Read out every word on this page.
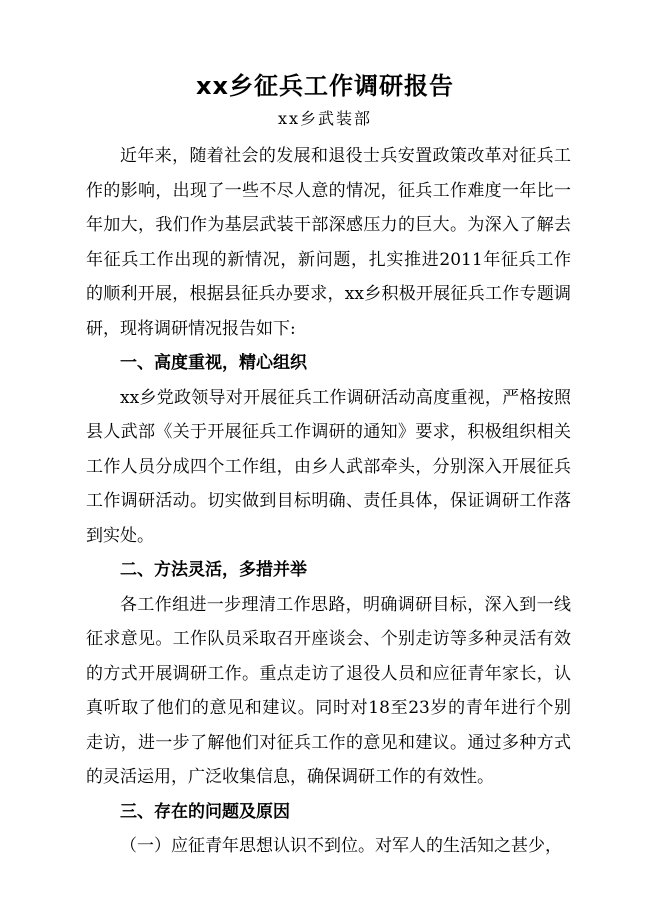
xx乡征兵工作调研报告
xx乡武装部

近年来，随着社会的发展和退役士兵安置政策改革对征兵工作的影响，出现了一些不尽人意的情况，征兵工作难度一年比一年加大，我们作为基层武装干部深感压力的巨大。为深入了解去年征兵工作出现的新情况，新问题，扎实推进2011年征兵工作的顺利开展，根据县征兵办要求，xx乡积极开展征兵工作专题调研，现将调研情况报告如下:

一、高度重视，精心组织

xx乡党政领导对开展征兵工作调研活动高度重视，严格按照县人武部《关于开展征兵工作调研的通知》要求，积极组织相关工作人员分成四个工作组，由乡人武部牵头，分别深入开展征兵工作调研活动。切实做到目标明确、责任具体，保证调研工作落到实处。

二、方法灵活，多措并举

各工作组进一步理清工作思路，明确调研目标，深入到一线征求意见。工作队员采取召开座谈会、个别走访等多种灵活有效的方式开展调研工作。重点走访了退役人员和应征青年家长，认真听取了他们的意见和建议。同时对18至23岁的青年进行个别走访，进一步了解他们对征兵工作的意见和建议。通过多种方式的灵活运用，广泛收集信息，确保调研工作的有效性。

三、存在的问题及原因

（一）应征青年思想认识不到位。对军人的生活知之甚少，
